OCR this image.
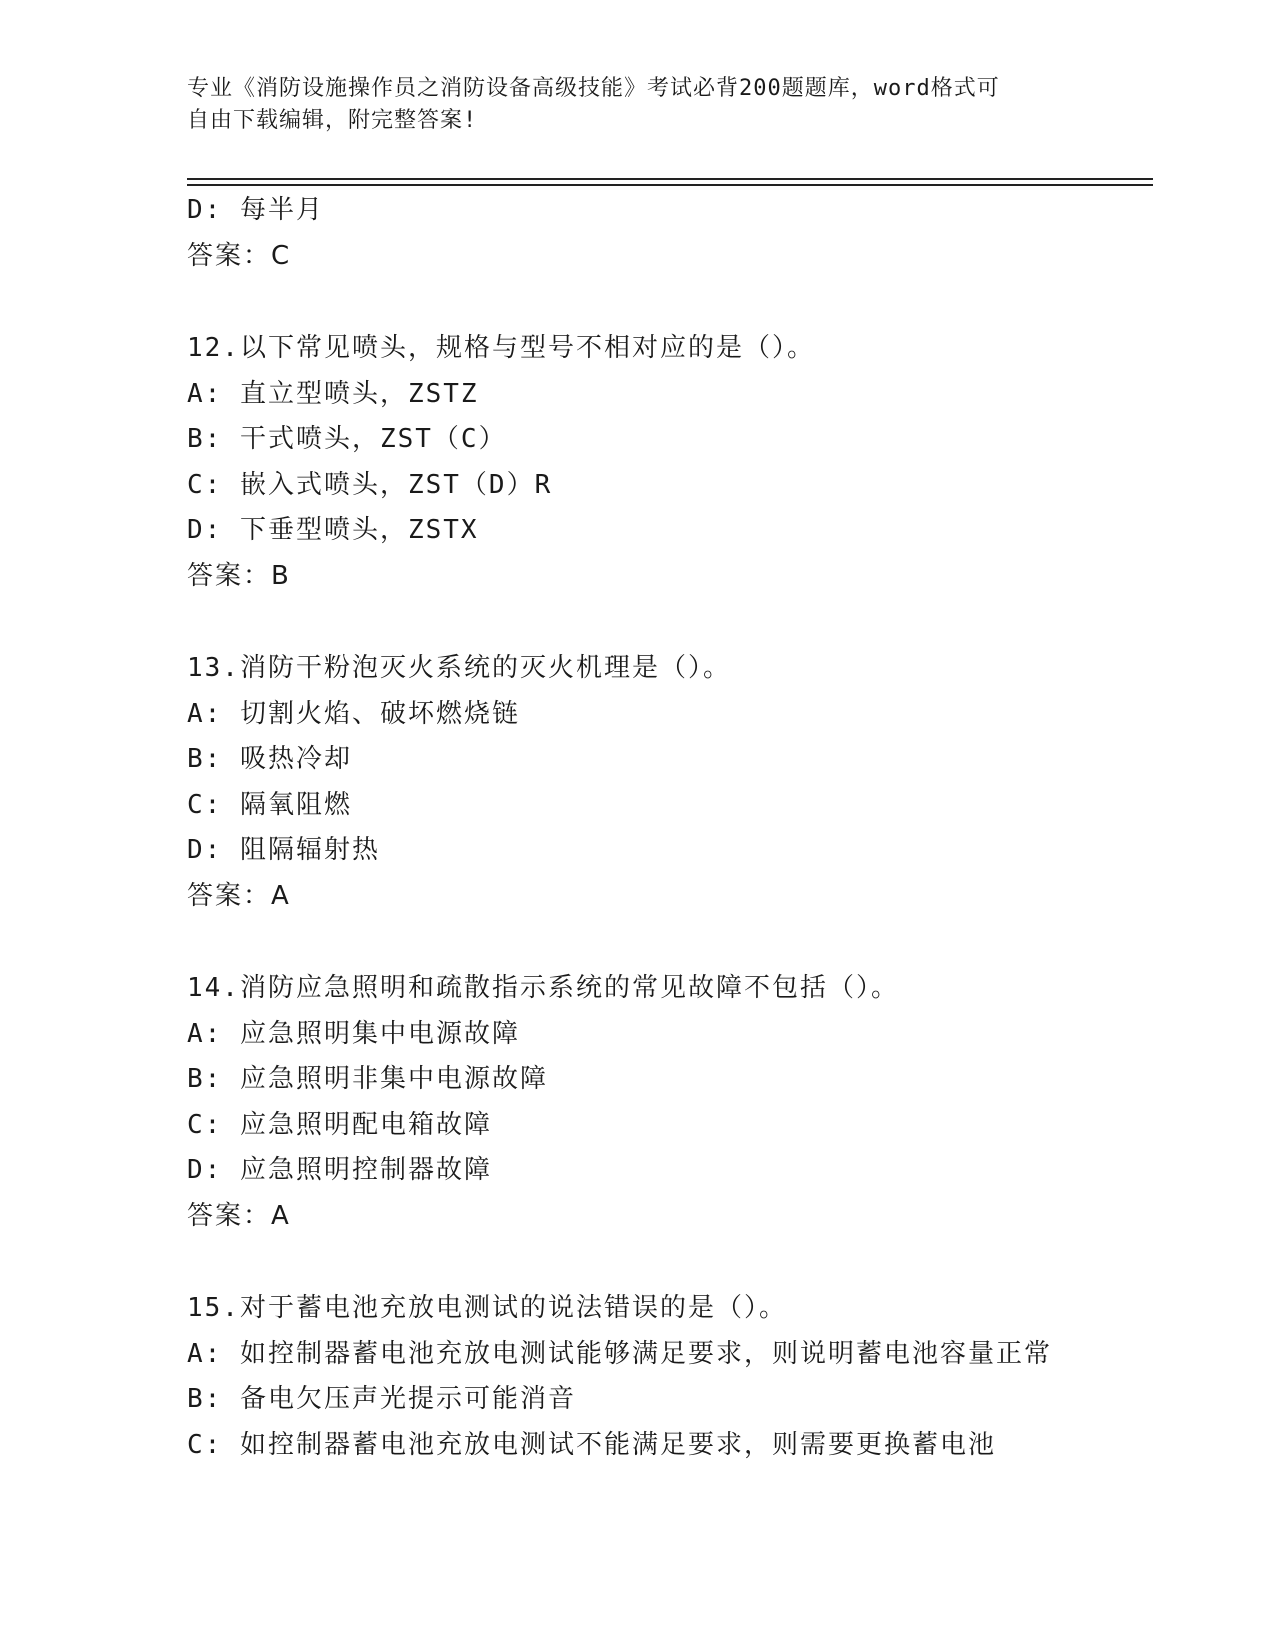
专业《消防设施操作员之消防设备高级技能》考试必背200题题库，word格式可
自由下载编辑，附完整答案!
D: 每半月
答案：C
12.以下常见喷头，规格与型号不相对应的是（）。
A: 直立型喷头，ZSTZ
B: 干式喷头，ZST（C）
C: 嵌入式喷头，ZST（D）R
D: 下垂型喷头，ZSTX
答案：B
13.消防干粉泡灭火系统的灭火机理是（）。
A: 切割火焰、破坏燃烧链
B: 吸热冷却
C: 隔氧阻燃
D: 阻隔辐射热
答案：A
14.消防应急照明和疏散指示系统的常见故障不包括（）。
A: 应急照明集中电源故障
B: 应急照明非集中电源故障
C: 应急照明配电箱故障
D: 应急照明控制器故障
答案：A
15.对于蓄电池充放电测试的说法错误的是（）。
A: 如控制器蓄电池充放电测试能够满足要求，则说明蓄电池容量正常
B: 备电欠压声光提示可能消音
C: 如控制器蓄电池充放电测试不能满足要求，则需要更换蓄电池
